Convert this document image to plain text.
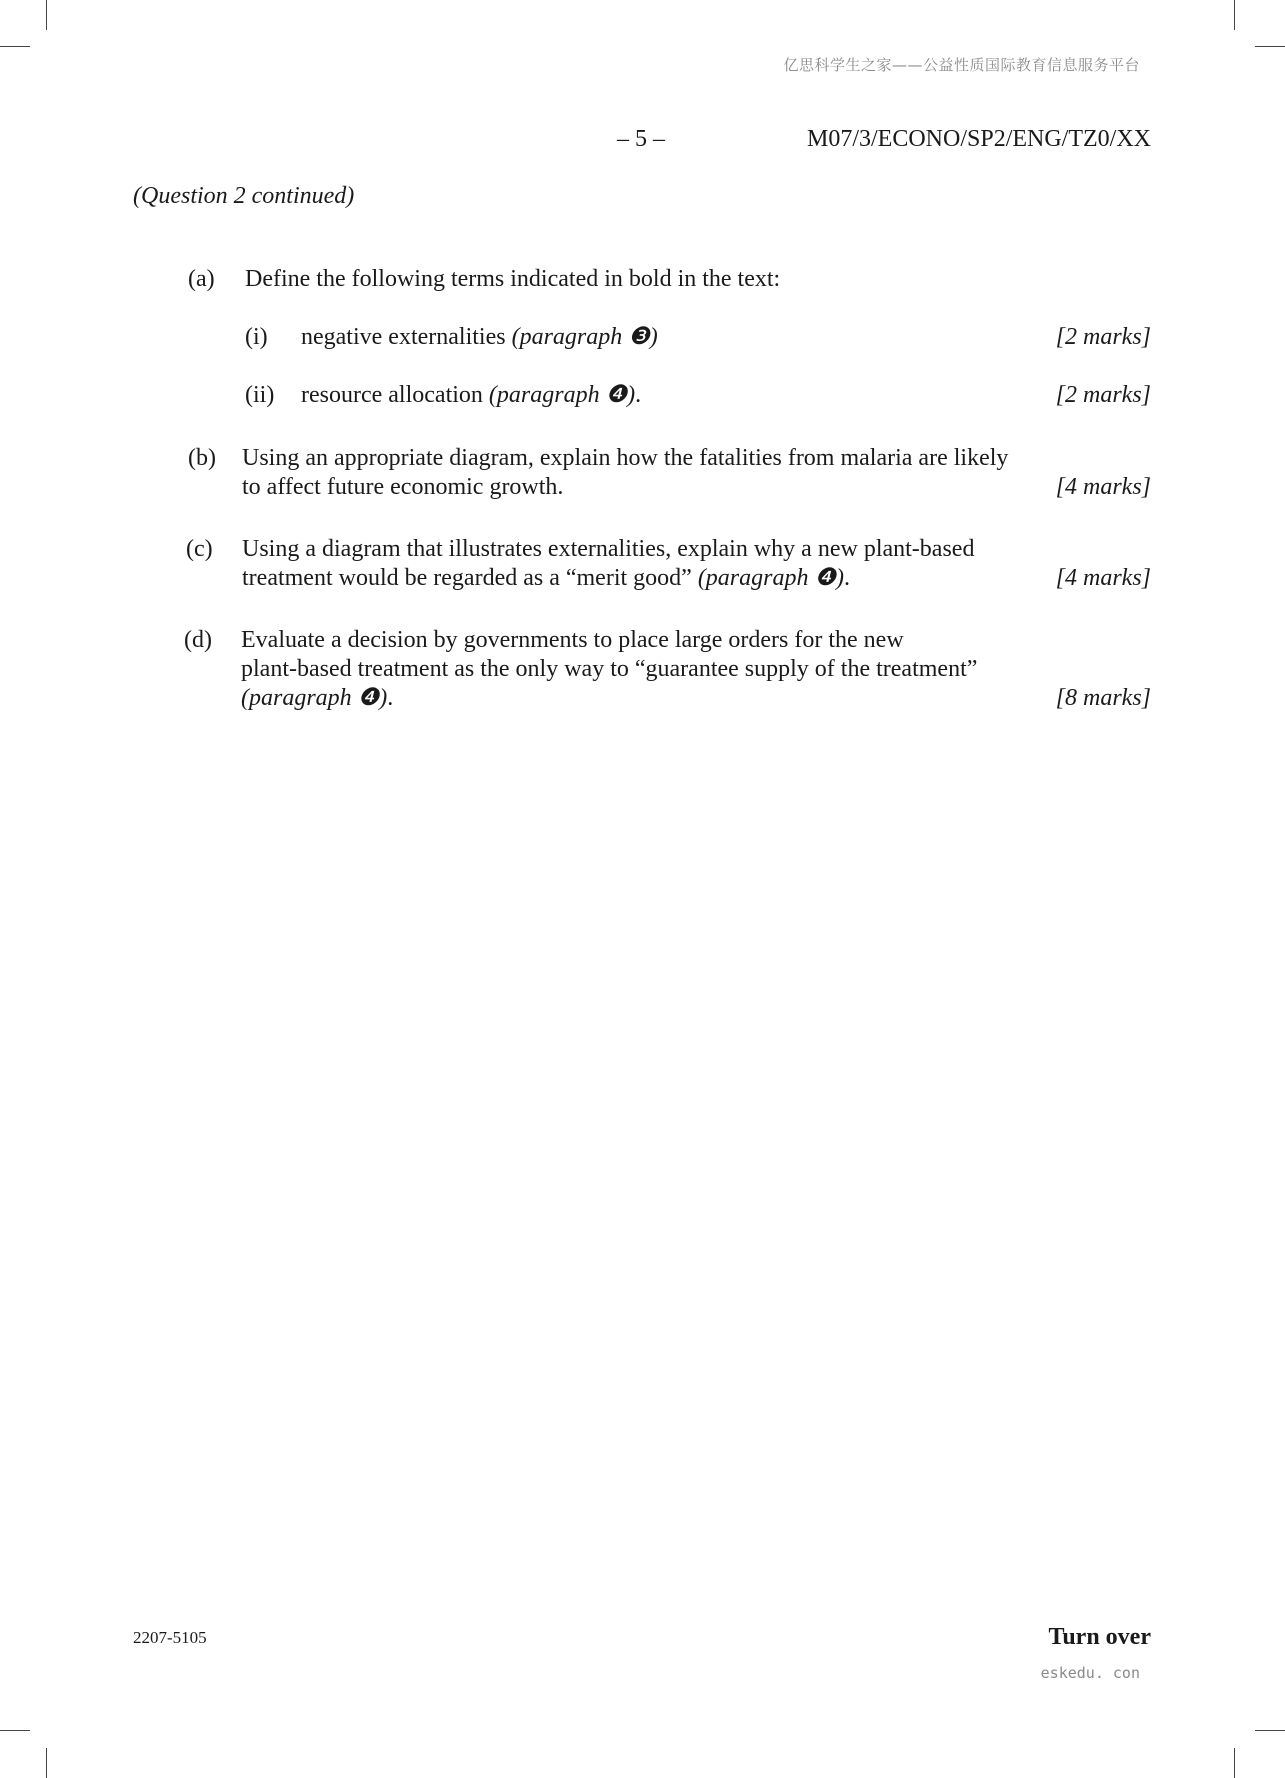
亿思科学生之家——公益性质国际教育信息服务平台
– 5 –	M07/3/ECONO/SP2/ENG/TZ0/XX
(Question 2 continued)
(a) Define the following terms indicated in bold in the text:
(i) negative externalities (paragraph ❸)	[2 marks]
(ii) resource allocation (paragraph ❹).	[2 marks]
(b) Using an appropriate diagram, explain how the fatalities from malaria are likely
to affect future economic growth.	[4 marks]
(c) Using a diagram that illustrates externalities, explain why a new plant-based
treatment would be regarded as a “merit good” (paragraph ❹).	[4 marks]
(d) Evaluate a decision by governments to place large orders for the new
plant-based treatment as the only way to “guarantee supply of the treatment”
(paragraph ❹).	[8 marks]
2207-5105	Turn over
eskedu. con
